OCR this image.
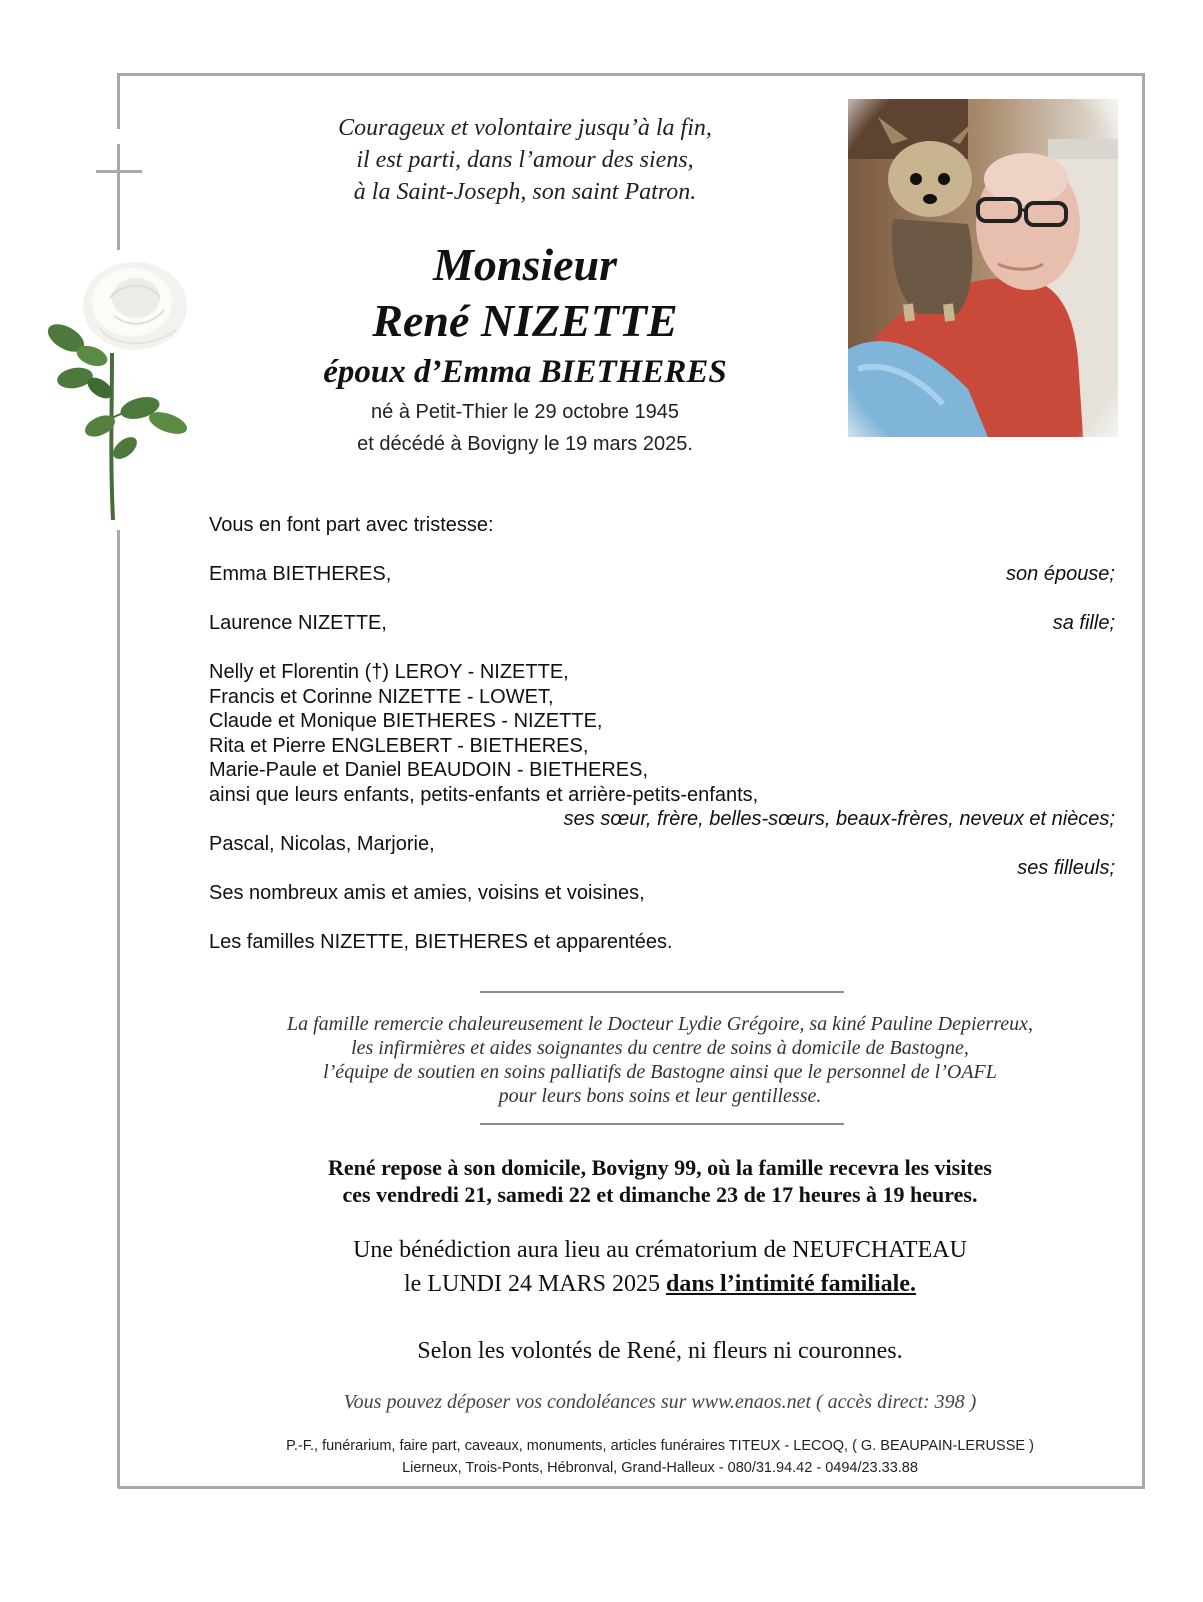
Courageux et volontaire jusqu’à la fin,
il est parti, dans l’amour des siens,
à la Saint-Joseph, son saint Patron.
Monsieur
René NIZETTE
époux d’Emma BIETHERES
né à Petit-Thier le 29 octobre 1945
et décédé à Bovigny le 19 mars 2025.
Vous en font part avec tristesse:
Emma BIETHERES,	son épouse;
Laurence NIZETTE,	sa fille;
Nelly et Florentin (†) LEROY - NIZETTE,
Francis et Corinne NIZETTE - LOWET,
Claude et Monique BIETHERES - NIZETTE,
Rita et Pierre ENGLEBERT - BIETHERES,
Marie-Paule et Daniel BEAUDOIN - BIETHERES,
ainsi que leurs enfants, petits-enfants et arrière-petits-enfants,
ses sœur, frère, belles-sœurs, beaux-frères, neveux et nièces;
Pascal, Nicolas, Marjorie,
ses filleuls;
Ses nombreux amis et amies, voisins et voisines,
Les familles NIZETTE, BIETHERES et apparentées.
La famille remercie chaleureusement le Docteur Lydie Grégoire, sa kiné Pauline Depierreux,
les infirmières et aides soignantes du centre de soins à domicile de Bastogne,
l’équipe de soutien en soins palliatifs de Bastogne ainsi que le personnel de l’OAFL
pour leurs bons soins et leur gentillesse.
René repose à son domicile, Bovigny 99, où la famille recevra les visites
ces vendredi 21, samedi 22 et dimanche 23 de 17 heures à 19 heures.
Une bénédiction aura lieu au crématorium de NEUFCHATEAU
le LUNDI 24 MARS 2025 dans l’intimité familiale.
Selon les volontés de René, ni fleurs ni couronnes.
Vous pouvez déposer vos condoléances sur www.enaos.net ( accès direct: 398 )
P.-F., funérarium, faire part, caveaux, monuments, articles funéraires TITEUX - LECOQ, ( G. BEAUPAIN-LERUSSE )
Lierneux, Trois-Ponts, Hébronval, Grand-Halleux - 080/31.94.42 - 0494/23.33.88
